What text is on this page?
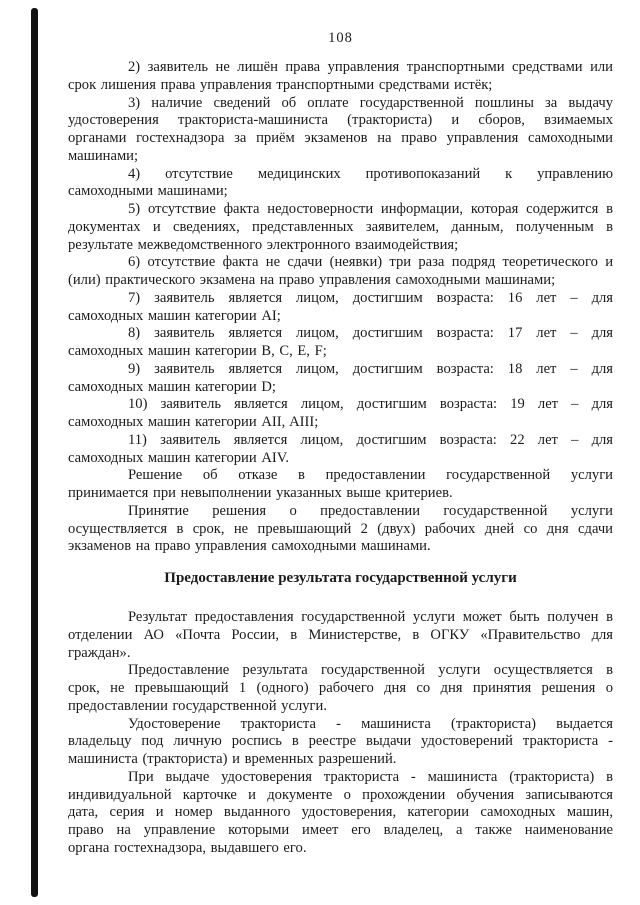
108
2) заявитель не лишён права управления транспортными средствами или
срок лишения права управления транспортными средствами истёк;
3) наличие сведений об оплате государственной пошлины за выдачу
удостоверения тракториста-машиниста (тракториста) и сборов, взимаемых
органами гостехнадзора за приём экзаменов на право управления самоходными
машинами;
4) отсутствие медицинских противопоказаний к управлению
самоходными машинами;
5) отсутствие факта недостоверности информации, которая содержится в
документах и сведениях, представленных заявителем, данным, полученным в
результате межведомственного электронного взаимодействия;
6) отсутствие факта не сдачи (неявки) три раза подряд теоретического и
(или) практического экзамена на право управления самоходными машинами;
7) заявитель является лицом, достигшим возраста: 16 лет – для
самоходных машин категории AI;
8) заявитель является лицом, достигшим возраста: 17 лет – для
самоходных машин категории B, C, E, F;
9) заявитель является лицом, достигшим возраста: 18 лет – для
самоходных машин категории D;
10) заявитель является лицом, достигшим возраста: 19 лет – для
самоходных машин категории AII, AIII;
11) заявитель является лицом, достигшим возраста: 22 лет – для
самоходных машин категории AIV.
Решение об отказе в предоставлении государственной услуги
принимается при невыполнении указанных выше критериев.
Принятие решения о предоставлении государственной услуги
осуществляется в срок, не превышающий 2 (двух) рабочих дней со дня сдачи
экзаменов на право управления самоходными машинами.
Предоставление результата государственной услуги
Результат предоставления государственной услуги может быть получен в
отделении АО «Почта России, в Министерстве, в ОГКУ «Правительство для
граждан».
Предоставление результата государственной услуги осуществляется в
срок, не превышающий 1 (одного) рабочего дня со дня принятия решения о
предоставлении государственной услуги.
Удостоверение тракториста - машиниста (тракториста) выдается
владельцу под личную роспись в реестре выдачи удостоверений тракториста -
машиниста (тракториста) и временных разрешений.
При выдаче удостоверения тракториста - машиниста (тракториста) в
индивидуальной карточке и документе о прохождении обучения записываются
дата, серия и номер выданного удостоверения, категории самоходных машин,
право на управление которыми имеет его владелец, а также наименование
органа гостехнадзора, выдавшего его.
